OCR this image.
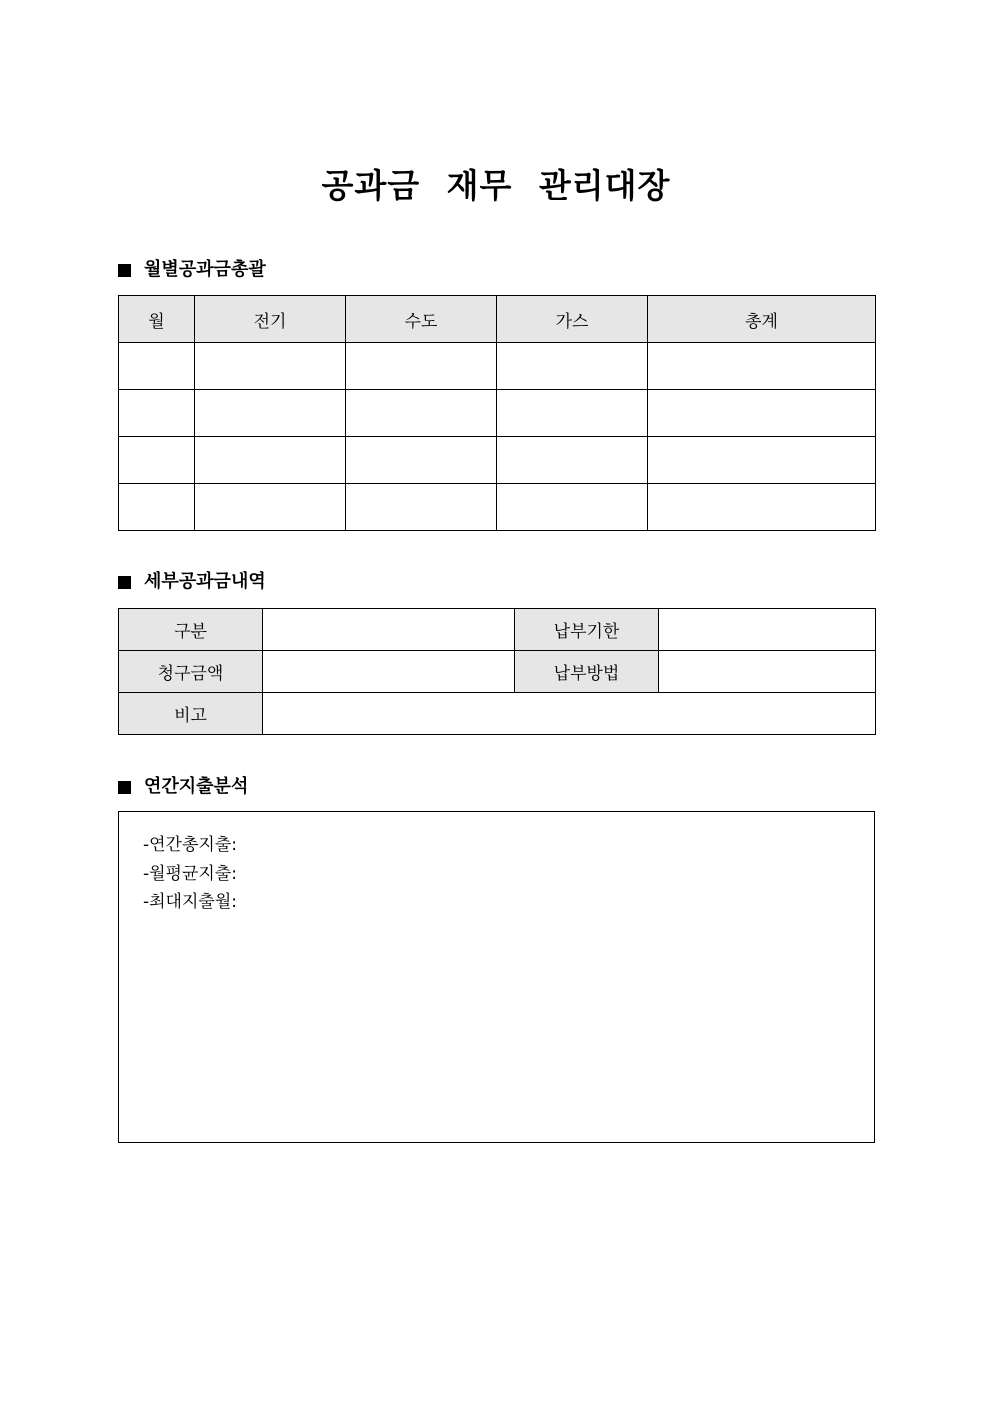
공과금 재무 관리대장
월별공과금총괄
월	전기	수도	가스	총계

세부공과금내역
구분		납부기한	
청구금액		납부방법	
비고			
연간지출분석
-연간총지출:
-월평균지출:
-최대지출월:
